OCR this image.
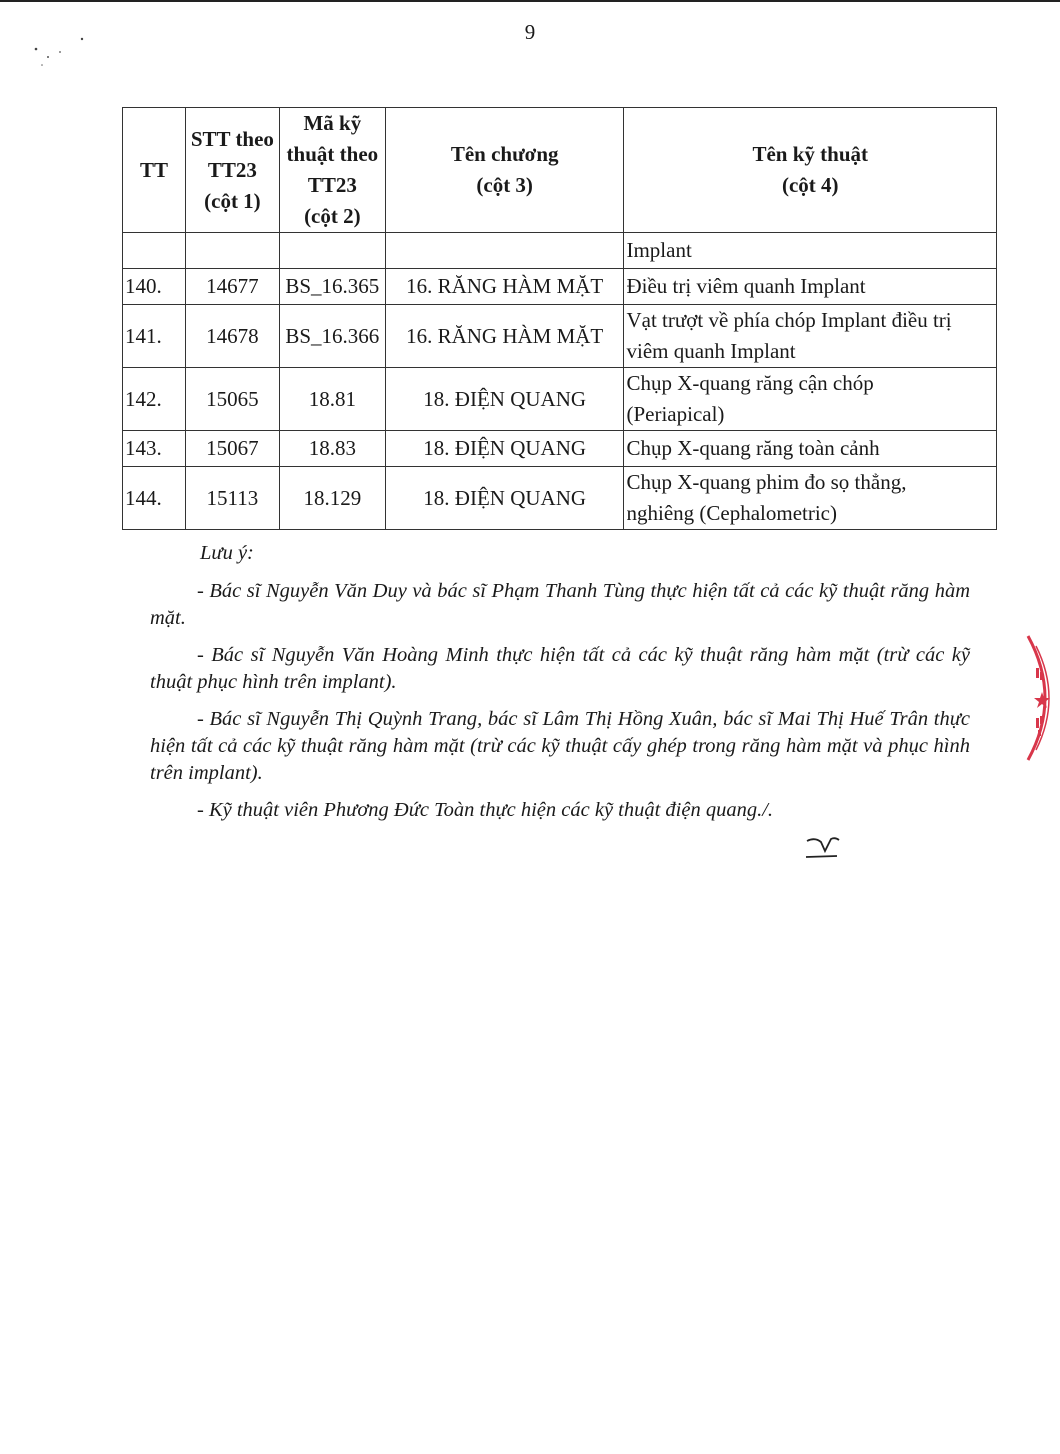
9
TT	STT theo
TT23
(cột 1)	Mã kỹ
thuật theo
TT23
(cột 2)	Tên chương
(cột 3)	Tên kỹ thuật
(cột 4)
				Implant
140.	14677	BS_16.365	16. RĂNG HÀM MẶT	Điều trị viêm quanh Implant
141.	14678	BS_16.366	16. RĂNG HÀM MẶT	Vạt trượt về phía chóp Implant điều trị
viêm quanh Implant
142.	15065	18.81	18. ĐIỆN QUANG	Chụp X-quang răng cận chóp
(Periapical)
143.	15067	18.83	18. ĐIỆN QUANG	Chụp X-quang răng toàn cảnh
144.	15113	18.129	18. ĐIỆN QUANG	Chụp X-quang phim đo sọ thẳng,
nghiêng (Cephalometric)

Lưu ý:

- Bác sĩ Nguyễn Văn Duy và bác sĩ Phạm Thanh Tùng thực hiện tất cả các kỹ thuật răng hàm mặt.

- Bác sĩ Nguyễn Văn Hoàng Minh thực hiện tất cả các kỹ thuật răng hàm mặt (trừ các kỹ thuật phục hình trên implant).

- Bác sĩ Nguyễn Thị Quỳnh Trang, bác sĩ Lâm Thị Hồng Xuân, bác sĩ Mai Thị Huế Trân thực hiện tất cả các kỹ thuật răng hàm mặt (trừ các kỹ thuật cấy ghép trong răng hàm mặt và phục hình trên implant).

- Kỹ thuật viên Phương Đức Toàn thực hiện các kỹ thuật điện quang./.
